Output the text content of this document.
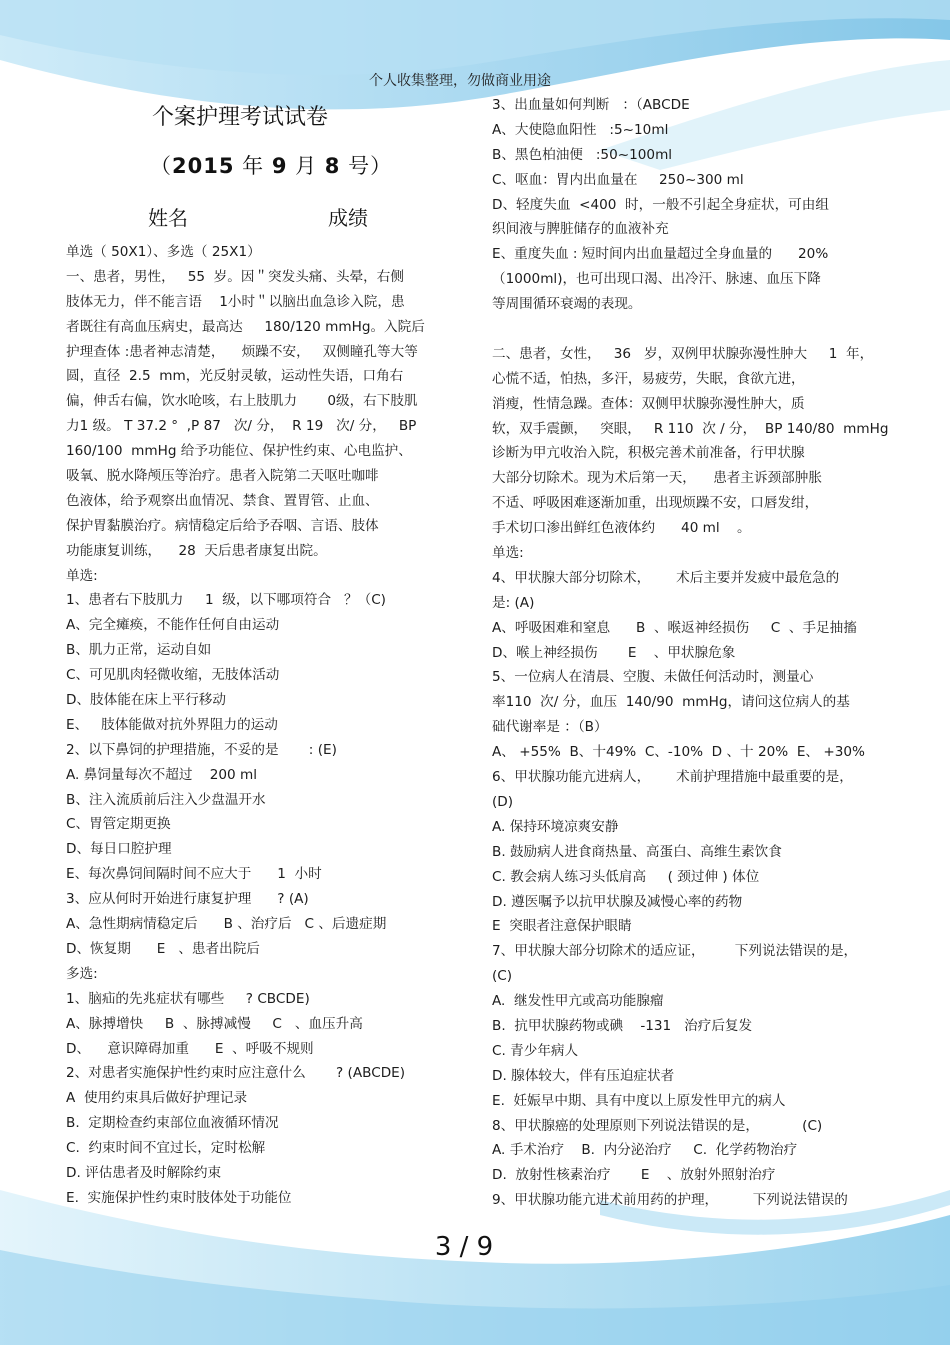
个人收集整理，勿做商业用途
个案护理考试试卷
（2015 年 9 月 8 号）
姓名	成绩
单选（ 50X1）、多选（ 25X1）
一、患者，男性，   55  岁。因＂突发头痛、头晕，右侧
肢体无力，伴不能言语    1小时＂以脑出血急诊入院，患
者既往有高血压病史，最高达     180/120 mmHg。入院后
护理查体 :患者神志清楚，    烦躁不安，   双侧瞳孔等大等
圆，直径  2.5  mm，光反射灵敏，运动性失语，口角右
偏，伸舌右偏，饮水呛咳，右上肢肌力       0级，右下肢肌
力1 级。 T 37.2 °  ,P 87   次/ 分，  R 19   次/ 分，   BP
160/100  mmHg 给予功能位、保护性约束、心电监护、
吸氧、脱水降颅压等治疗。患者入院第二天呕吐咖啡
色液体，给予观察出血情况、禁食、置胃管、止血、
保护胃黏膜治疗。病情稳定后给予吞咽、言语、肢体
功能康复训练，    28  天后患者康复出院。
单选:
1、患者右下肢肌力     1  级，以下哪项符合   ？（C)
A、完全瘫痪，不能作任何自由运动
B、肌力正常，运动自如
C、可见肌肉轻微收缩，无肢体活动
D、肢体能在床上平行移动
E、   肢体能做对抗外界阻力的运动
2、以下鼻饲的护理措施，不妥的是       : (E)
A. 鼻饲量每次不超过    200 ml
B、注入流质前后注入少盘温开水
C、胃管定期更换
D、每日口腔护理
E、每次鼻饲间隔时间不应大于      1  小时
3、应从何时开始进行康复护理      ? (A)
A、急性期病情稳定后      B 、治疗后   C 、后遗症期
D、恢复期      E   、患者出院后
多选:
1、脑疝的先兆症状有哪些     ? CBCDE)
A、脉搏增快     B  、脉搏减慢     C   、血压升高
D、    意识障碍加重      E  、呼吸不规则
2、对患者实施保护性约束时应注意什么       ? (ABCDE)
A  使用约束具后做好护理记录
B.  定期检查约束部位血液循环情况
C.  约束时间不宜过长，定时松解
D. 评估患者及时解除约束
E.  实施保护性约束时肢体处于功能位
3、出血量如何判断   ：（ABCDE
A、大使隐血阳性   :5~10ml
B、黑色柏油便   :50~100ml
C、呕血：胃内出血量在     250~300 ml
D、轻度失血  <400  时，一般不引起全身症状，可由组
织间液与脾脏储存的血液补充
E、重度失血 : 短时间内出血量超过全身血量的      20%
（1000ml)，也可出现口渴、出冷汗、脉速、血压下降
等周围循环衰竭的表现。
二、患者，女性，   36   岁，双例甲状腺弥漫性肿大     1  年，
心慌不适，怕热，多汗，易疲劳，失眠，食欲亢进，
消瘦，性情急躁。查体：双侧甲状腺弥漫性肿大，质
软，双手震颤，   突眼，   R 110  次 / 分，  BP 140/80  mmHg
诊断为甲亢收治入院，积极完善术前准备，行甲状腺
大部分切除术。现为术后第一天，    患者主诉颈部肿胀
不适、呼吸困难逐渐加重，出现烦躁不安，口唇发绀，
手术切口渗出鲜红色液体约      40 ml    。
单选:
4、甲状腺大部分切除术，      术后主要并发疲中最危急的
是: (A)
A、呼吸困难和窒息      B  、喉返神经损伤     C  、手足抽搐
D、喉上神经损伤       E    、甲状腺危象
5、一位病人在清晨、空腹、未做任何活动时，测量心
率110  次/ 分，血压  140/90  mmHg，请问这位病人的基
础代谢率是 ：（B）
A、 +55%  B、十49%  C、-10%  D 、十 20%  E、 +30%
6、甲状腺功能亢进病人，      术前护理措施中最重要的是，
(D)
A. 保持环境凉爽安静
B. 鼓励病人进食商热量、高蛋白、高维生素饮食
C. 教会病人练习头低肩高     ( 颈过伸 ) 体位
D. 遵医嘱予以抗甲状腺及减慢心率的药物
E  突眼者注意保护眼睛
7、甲状腺大部分切除术的适应证，       下列说法错误的是，
(C)
A.  继发性甲亢或高功能腺瘤
B.  抗甲状腺药物或碘    -131   治疗后复发
C. 青少年病人
D. 腺体较大，伴有压迫症状者
E.  妊娠早中期、具有中度以上原发性甲亢的病人
8、甲状腺癌的处理原则下列说法错误的是，          (C)
A. 手术治疗    B.  内分泌治疗     C.  化学药物治疗
D.  放射性核素治疗       E    、放射外照射治疗
9、甲状腺功能亢进术前用药的护理，        下列说法错误的
3 / 9
